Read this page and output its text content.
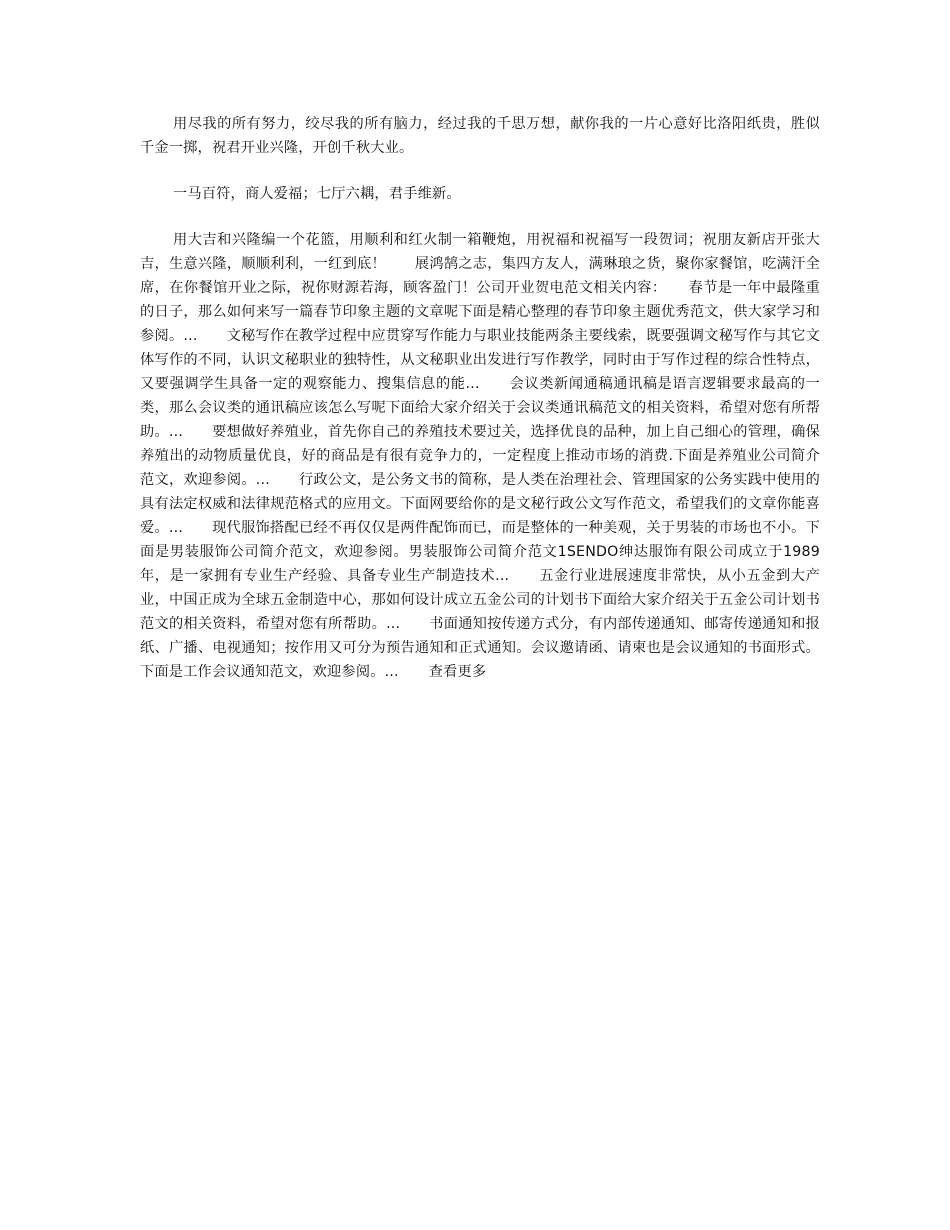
用尽我的所有努力，绞尽我的所有脑力，经过我的千思万想，献你我的一片心意好比洛阳纸贵，胜似千金一掷，祝君开业兴隆，开创千秋大业。

一马百符，商人爱福；七厅六耦，君手维新。

用大吉和兴隆编一个花篮，用顺利和红火制一箱鞭炮，用祝福和祝福写一段贺词；祝朋友新店开张大吉，生意兴隆，顺顺利利，一红到底！　　展鸿鹄之志，集四方友人，满琳琅之货，聚你家餐馆，吃满汗全席，在你餐馆开业之际，祝你财源若海，顾客盈门！公司开业贺电范文相关内容：　　春节是一年中最隆重的日子，那么如何来写一篇春节印象主题的文章呢下面是精心整理的春节印象主题优秀范文，供大家学习和参阅。...　　文秘写作在教学过程中应贯穿写作能力与职业技能两条主要线索，既要强调文秘写作与其它文体写作的不同，认识文秘职业的独特性，从文秘职业出发进行写作教学，同时由于写作过程的综合性特点，又要强调学生具备一定的观察能力、搜集信息的能...　　会议类新闻通稿通讯稿是语言逻辑要求最高的一类，那么会议类的通讯稿应该怎么写呢下面给大家介绍关于会议类通讯稿范文的相关资料，希望对您有所帮助。...　　要想做好养殖业，首先你自己的养殖技术要过关，选择优良的品种，加上自己细心的管理，确保养殖出的动物质量优良，好的商品是有很有竞争力的，一定程度上推动市场的消费.下面是养殖业公司简介范文，欢迎参阅。...　　行政公文，是公务文书的简称，是人类在治理社会、管理国家的公务实践中使用的具有法定权威和法律规范格式的应用文。下面网要给你的是文秘行政公文写作范文，希望我们的文章你能喜爱。...　　现代服饰搭配已经不再仅仅是两件配饰而已，而是整体的一种美观，关于男装的市场也不小。下面是男装服饰公司简介范文，欢迎参阅。男装服饰公司简介范文1SENDO绅达服饰有限公司成立于1989年，是一家拥有专业生产经验、具备专业生产制造技术...　　五金行业进展速度非常快，从小五金到大产业，中国正成为全球五金制造中心，那如何设计成立五金公司的计划书下面给大家介绍关于五金公司计划书范文的相关资料，希望对您有所帮助。...　　书面通知按传递方式分，有内部传递通知、邮寄传递通知和报纸、广播、电视通知；按作用又可分为预告通知和正式通知。会议邀请函、请柬也是会议通知的书面形式。下面是工作会议通知范文，欢迎参阅。... 查看更多
